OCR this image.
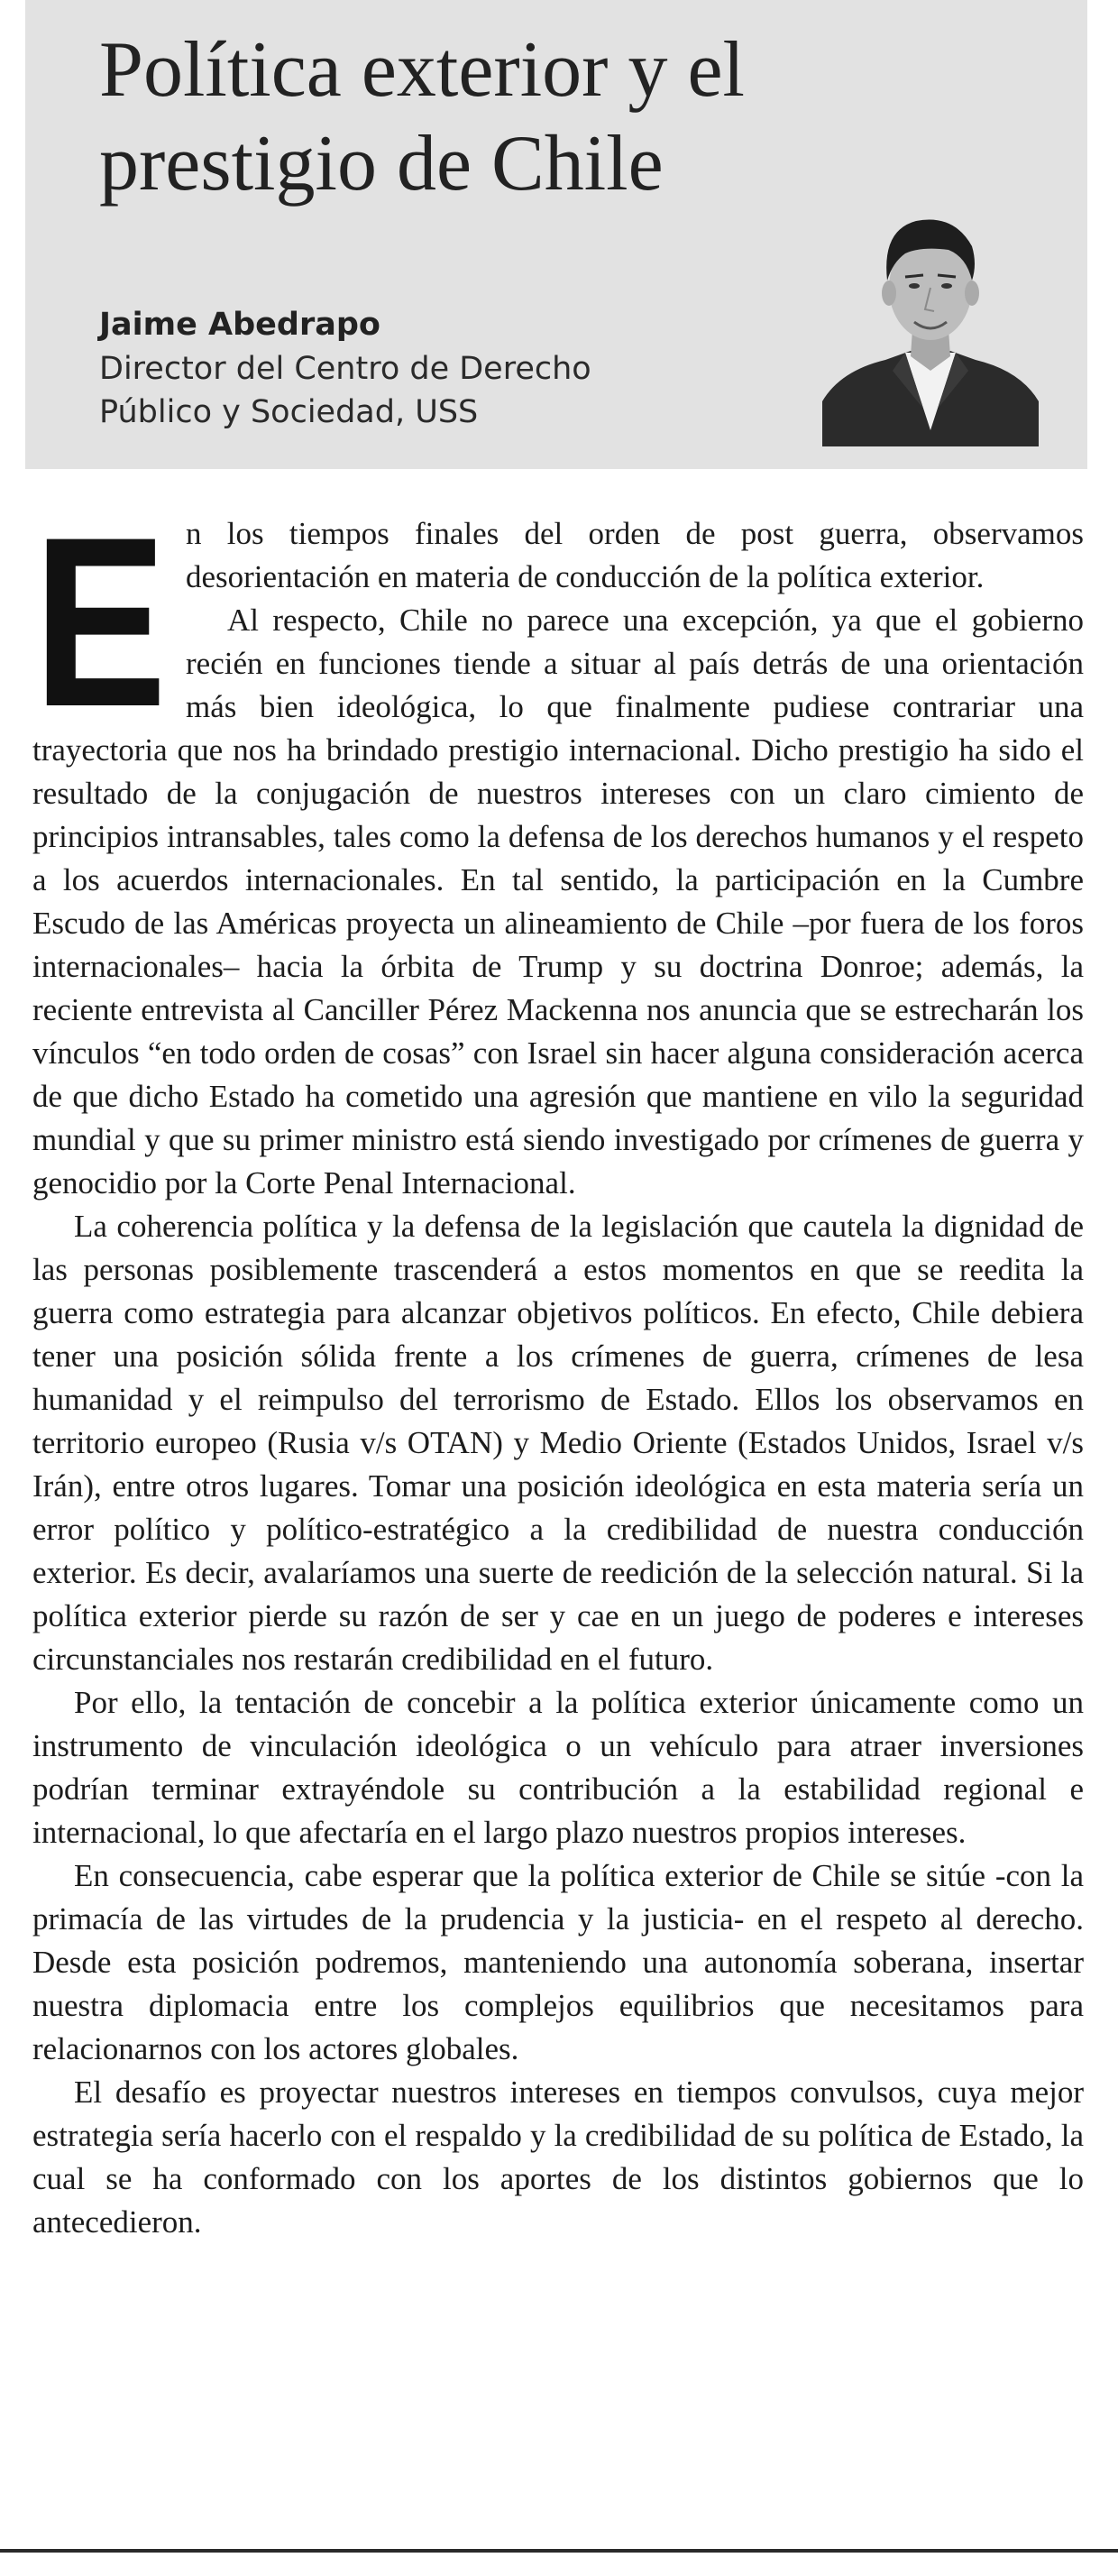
Política exterior y el prestigio de Chile
Jaime Abedrapo
Director del Centro de Derecho Público y Sociedad, USS

E n los tiempos finales del orden de post guerra, observamos desorientación en materia de conducción de la política exterior.

Al respecto, Chile no parece una excepción, ya que el gobierno recién en funciones tiende a situar al país detrás de una orientación más bien ideológica, lo que finalmente pudiese contrariar una trayectoria que nos ha brindado prestigio internacional. Dicho prestigio ha sido el resultado de la conjugación de nuestros intereses con un claro cimiento de principios intransables, tales como la defensa de los derechos humanos y el respeto a los acuerdos internacionales. En tal sentido, la participación en la Cumbre Escudo de las Américas proyecta un alineamiento de Chile –por fuera de los foros internacionales– hacia la órbita de Trump y su doctrina Donroe; además, la reciente entrevista al Canciller Pérez Mackenna nos anuncia que se estrecharán los vínculos “en todo orden de cosas” con Israel sin hacer alguna consideración acerca de que dicho Estado ha cometido una agresión que mantiene en vilo la seguridad mundial y que su primer ministro está siendo investigado por crímenes de guerra y genocidio por la Corte Penal Internacional.

La coherencia política y la defensa de la legislación que cautela la dignidad de las personas posiblemente trascenderá a estos momentos en que se reedita la guerra como estrategia para alcanzar objetivos políticos. En efecto, Chile debiera tener una posición sólida frente a los crímenes de guerra, crímenes de lesa humanidad y el reimpulso del terrorismo de Estado. Ellos los observamos en territorio europeo (Rusia v/s OTAN) y Medio Oriente (Estados Unidos, Israel v/s Irán), entre otros lugares. Tomar una posición ideológica en esta materia sería un error político y político-estratégico a la credibilidad de nuestra conducción exterior. Es decir, avalaríamos una suerte de reedición de la selección natural. Si la política exterior pierde su razón de ser y cae en un juego de poderes e intereses circunstanciales nos restarán credibilidad en el futuro.

Por ello, la tentación de concebir a la política exterior únicamente como un instrumento de vinculación ideológica o un vehículo para atraer inversiones podrían terminar extrayéndole su contribución a la estabilidad regional e internacional, lo que afectaría en el largo plazo nuestros propios intereses.

En consecuencia, cabe esperar que la política exterior de Chile se sitúe -con la primacía de las virtudes de la prudencia y la justicia- en el respeto al derecho. Desde esta posición podremos, manteniendo una autonomía soberana, insertar nuestra diplomacia entre los complejos equilibrios que necesitamos para relacionarnos con los actores globales.

El desafío es proyectar nuestros intereses en tiempos convulsos, cuya mejor estrategia sería hacerlo con el respaldo y la credibilidad de su política de Estado, la cual se ha conformado con los aportes de los distintos gobiernos que lo antecedieron.
